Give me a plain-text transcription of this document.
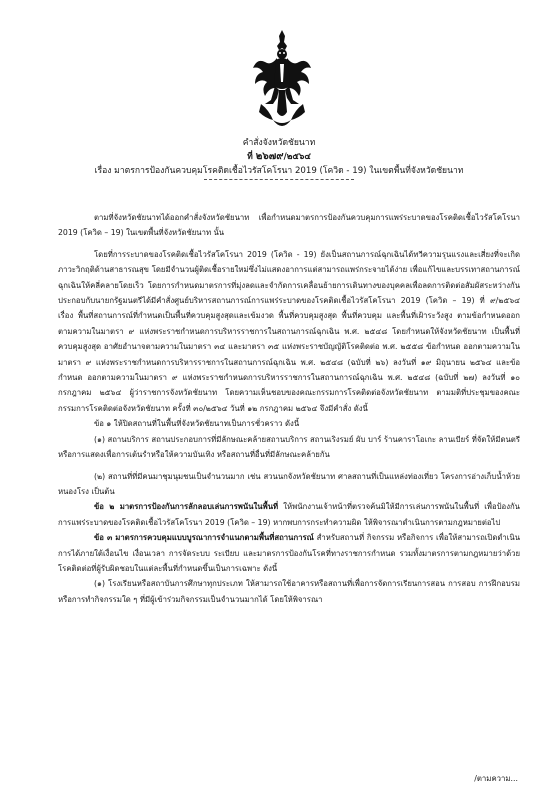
คำสั่งจังหวัดชัยนาท
ที่ ๒๖๗๙/๒๕๖๔
เรื่อง มาตรการป้องกันควบคุมโรคติดเชื้อไวรัสโคโรนา 2019 (โควิด - 19) ในเขตพื้นที่จังหวัดชัยนาท

ตามที่จังหวัดชัยนาทได้ออกคำสั่งจังหวัดชัยนาท เพื่อกำหนดมาตรการป้องกันควบคุมการแพร่ระบาดของโรคติดเชื้อไวรัสโคโรนา 2019 (โควิด – 19) ในเขตพื้นที่จังหวัดชัยนาท นั้น

โดยที่การระบาดของโรคติดเชื้อไวรัสโคโรนา 2019 (โควิด - 19) ยังเป็นสถานการณ์ฉุกเฉินได้ทวีความรุนแรงและเสี่ยงที่จะเกิดภาวะวิกฤติด้านสาธารณสุข โดยมีจำนวนผู้ติดเชื้อรายใหม่ซึ่งไม่แสดงอาการแต่สามารถแพร่กระจายได้ง่าย เพื่อแก้ไขและบรรเทาสถานการณ์ฉุกเฉินให้คลี่คลายโดยเร็ว โดยการกำหนดมาตรการที่มุ่งลดและจำกัดการเคลื่อนย้ายการเดินทางของบุคคลเพื่อลดการติดต่อสัมผัสระหว่างกัน ประกอบกับนายกรัฐมนตรีได้มีคำสั่งศูนย์บริหารสถานการณ์การแพร่ระบาดของโรคติดเชื้อไวรัสโคโรนา 2019 (โควิด – 19) ที่ ๙/๒๕๖๔ เรื่อง พื้นที่สถานการณ์ที่กำหนดเป็นพื้นที่ควบคุมสูงสุดและเข้มงวด พื้นที่ควบคุมสูงสุด พื้นที่ควบคุม และพื้นที่เฝ้าระวังสูง ตามข้อกำหนดออกตามความในมาตรา ๙ แห่งพระราชกำหนดการบริหารราชการในสถานการณ์ฉุกเฉิน พ.ศ. ๒๕๔๘ โดยกำหนดให้จังหวัดชัยนาท เป็นพื้นที่ควบคุมสูงสุด อาศัยอำนาจตามความในมาตรา ๓๔ และมาตรา ๓๕ แห่งพระราชบัญญัติโรคติดต่อ พ.ศ. ๒๕๕๘ ข้อกำหนด ออกตามความในมาตรา ๙ แห่งพระราชกำหนดการบริหารราชการในสถานการณ์ฉุกเฉิน พ.ศ. ๒๕๔๘ (ฉบับที่ ๒๖) ลงวันที่ ๑๙ มิถุนายน ๒๕๖๔ และข้อกำหนด ออกตามความในมาตรา ๙ แห่งพระราชกำหนดการบริหารราชการในสถานการณ์ฉุกเฉิน พ.ศ. ๒๕๔๘ (ฉบับที่ ๒๗) ลงวันที่ ๑๐ กรกฎาคม ๒๕๖๔ ผู้ว่าราชการจังหวัดชัยนาท โดยความเห็นชอบของคณะกรรมการโรคติดต่อจังหวัดชัยนาท ตามมติที่ประชุมของคณะกรรมการโรคติดต่อจังหวัดชัยนาท ครั้งที่ ๓๐/๒๕๖๔ วันที่ ๑๒ กรกฎาคม ๒๕๖๔ จึงมีคำสั่ง ดังนี้

ข้อ ๑ ให้ปิดสถานที่ในพื้นที่จังหวัดชัยนาทเป็นการชั่วคราว ดังนี้

(๑) สถานบริการ สถานประกอบการที่มีลักษณะคล้ายสถานบริการ สถานเริงรมย์ ผับ บาร์ ร้านคาราโอเกะ ลานเบียร์ ที่จัดให้มีดนตรี หรือการแสดงเพื่อการเต้นรำหรือให้ความบันเทิง หรือสถานที่อื่นที่มีลักษณะคล้ายกัน

(๒) สถานที่ที่มีคนมาชุมนุมชนเป็นจำนวนมาก เช่น สวนนกจังหวัดชัยนาท ศาลสถานที่เป็นแหล่งท่องเที่ยว โครงการอ่างเก็บน้ำห้วยหนองโรง เป็นต้น

ข้อ ๒ มาตรการป้องกันการลักลอบเล่นการพนันในพื้นที่ ให้พนักงานเจ้าหน้าที่ตรวจค้นมิให้มีการเล่นการพนันในพื้นที่ เพื่อป้องกันการแพร่ระบาดของโรคติดเชื้อไวรัสโคโรนา 2019 (โควิด – 19) หากพบการกระทำความผิด ให้พิจารณาดำเนินการตามกฎหมายต่อไป

ข้อ ๓ มาตรการควบคุมแบบบูรณาการจำแนกตามพื้นที่สถานการณ์ สำหรับสถานที่ กิจกรรม หรือกิจการ เพื่อให้สามารถเปิดดำเนินการได้ภายใต้เงื่อนไข เงื่อนเวลา การจัดระบบ ระเบียบ และมาตรการป้องกันโรคที่ทางราชการกำหนด รวมทั้งมาตรการตามกฎหมายว่าด้วยโรคติดต่อที่ผู้รับผิดชอบในแต่ละพื้นที่กำหนดขึ้นเป็นการเฉพาะ ดังนี้

(๑) โรงเรียนหรือสถาบันการศึกษาทุกประเภท ให้สามารถใช้อาคารหรือสถานที่เพื่อการจัดการเรียนการสอน การสอบ การฝึกอบรม หรือการทำกิจกรรมใด ๆ ที่มีผู้เข้าร่วมกิจกรรมเป็นจำนวนมากได้ โดยให้พิจารณา

/ตามความ...
